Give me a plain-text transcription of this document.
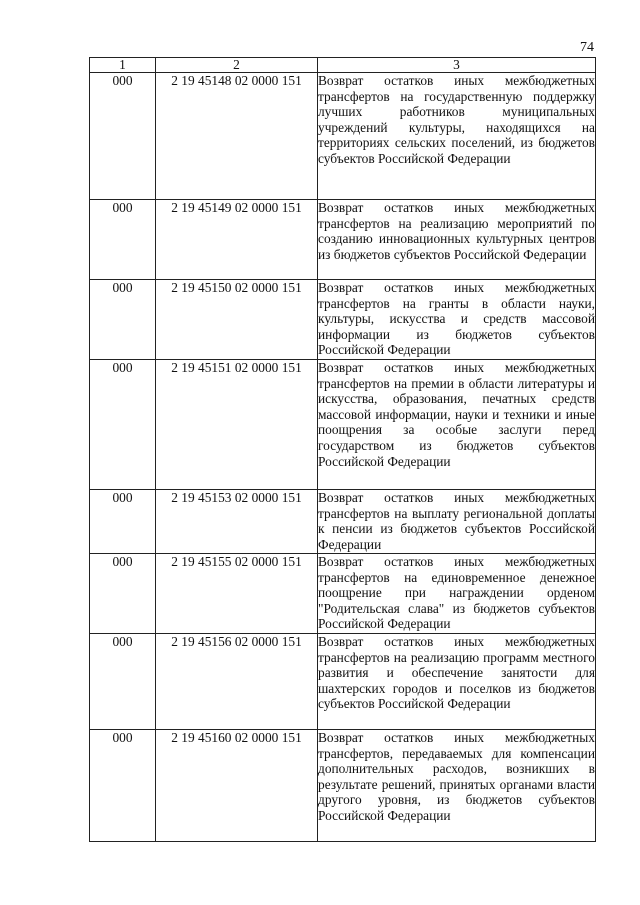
74
1	2	3
000	2 19 45148 02 0000 151	Возврат остатков иных межбюджетных трансфертов на государственную поддержку лучших работников муниципальных учреждений культуры, находящихся на территориях сельских поселений, из бюджетов субъектов Российской Федерации
000	2 19 45149 02 0000 151	Возврат остатков иных межбюджетных трансфертов на реализацию мероприятий по созданию инновационных культурных центров из бюджетов субъектов Российской Федерации
000	2 19 45150 02 0000 151	Возврат остатков иных межбюджетных трансфертов на гранты в области науки, культуры, искусства и средств массовой информации из бюджетов субъектов Российской Федерации
000	2 19 45151 02 0000 151	Возврат остатков иных межбюджетных трансфертов на премии в области литературы и искусства, образования, печатных средств массовой информации, науки и техники и иные поощрения за особые заслуги перед государством из бюджетов субъектов Российской Федерации
000	2 19 45153 02 0000 151	Возврат остатков иных межбюджетных трансфертов на выплату региональной доплаты к пенсии из бюджетов субъектов Российской Федерации
000	2 19 45155 02 0000 151	Возврат остатков иных межбюджетных трансфертов на единовременное денежное поощрение при награждении орденом "Родительская слава" из бюджетов субъектов Российской Федерации
000	2 19 45156 02 0000 151	Возврат остатков иных межбюджетных трансфертов на реализацию программ местного развития и обеспечение занятости для шахтерских городов и поселков из бюджетов субъектов Российской Федерации
000	2 19 45160 02 0000 151	Возврат остатков иных межбюджетных трансфертов, передаваемых для компенсации дополнительных расходов, возникших в результате решений, принятых органами власти другого уровня, из бюджетов субъектов Российской Федерации
